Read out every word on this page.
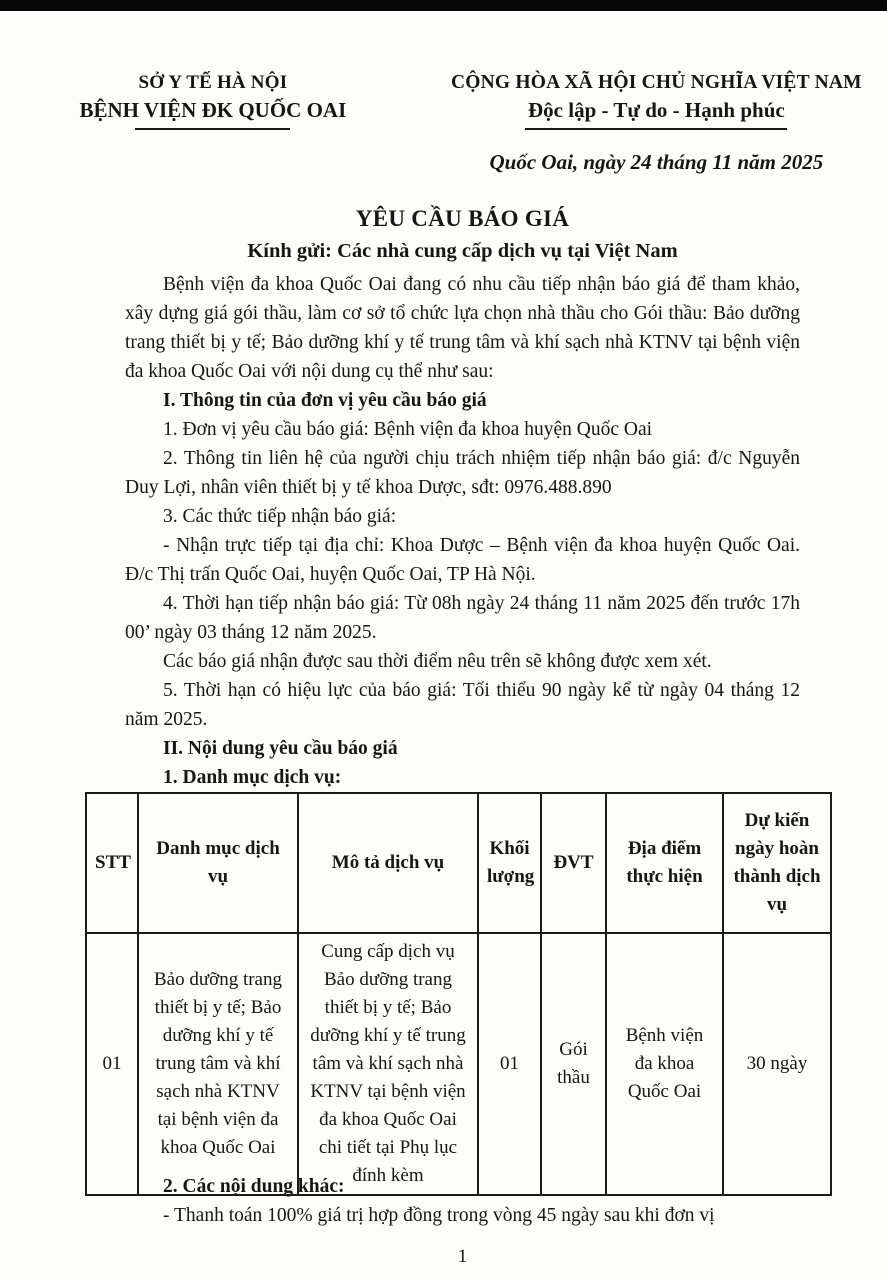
SỞ Y TẾ HÀ NỘI
BỆNH VIỆN ĐK QUỐC OAI
CỘNG HÒA XÃ HỘI CHỦ NGHĨA VIỆT NAM
Độc lập - Tự do - Hạnh phúc
Quốc Oai, ngày 24 tháng 11 năm 2025
YÊU CẦU BÁO GIÁ
Kính gửi: Các nhà cung cấp dịch vụ tại Việt Nam

Bệnh viện đa khoa Quốc Oai đang có nhu cầu tiếp nhận báo giá để tham khảo, xây dựng giá gói thầu, làm cơ sở tổ chức lựa chọn nhà thầu cho Gói thầu: Bảo dưỡng trang thiết bị y tế; Bảo dưỡng khí y tế trung tâm và khí sạch nhà KTNV tại bệnh viện đa khoa Quốc Oai với nội dung cụ thể như sau:

I. Thông tin của đơn vị yêu cầu báo giá

1. Đơn vị yêu cầu báo giá: Bệnh viện đa khoa huyện Quốc Oai

2. Thông tin liên hệ của người chịu trách nhiệm tiếp nhận báo giá: đ/c Nguyễn Duy Lợi, nhân viên thiết bị y tế khoa Dược, sđt: 0976.488.890

3. Các thức tiếp nhận báo giá:

- Nhận trực tiếp tại địa chỉ: Khoa Dược – Bệnh viện đa khoa huyện Quốc Oai. Đ/c Thị trấn Quốc Oai, huyện Quốc Oai, TP Hà Nội.

4. Thời hạn tiếp nhận báo giá: Từ 08h ngày 24 tháng 11 năm 2025 đến trước 17h 00’ ngày 03 tháng 12 năm 2025.

Các báo giá nhận được sau thời điểm nêu trên sẽ không được xem xét.

5. Thời hạn có hiệu lực của báo giá: Tối thiểu 90 ngày kể từ ngày 04 tháng 12 năm 2025.

II. Nội dung yêu cầu báo giá

1. Danh mục dịch vụ:

STT	Danh mục dịch vụ	Mô tả dịch vụ	Khối lượng	ĐVT	Địa điểm thực hiện	Dự kiến ngày hoàn thành dịch vụ
01	Bảo dưỡng trang thiết bị y tế; Bảo dưỡng khí y tế trung tâm và khí sạch nhà KTNV tại bệnh viện đa khoa Quốc Oai	Cung cấp dịch vụ Bảo dưỡng trang thiết bị y tế; Bảo dưỡng khí y tế trung tâm và khí sạch nhà KTNV tại bệnh viện đa khoa Quốc Oai chi tiết tại Phụ lục đính kèm	01	Gói thầu	Bệnh viện đa khoa Quốc Oai	30 ngày

2. Các nội dung khác:

- Thanh toán 100% giá trị hợp đồng trong vòng 45 ngày sau khi đơn vị

1
